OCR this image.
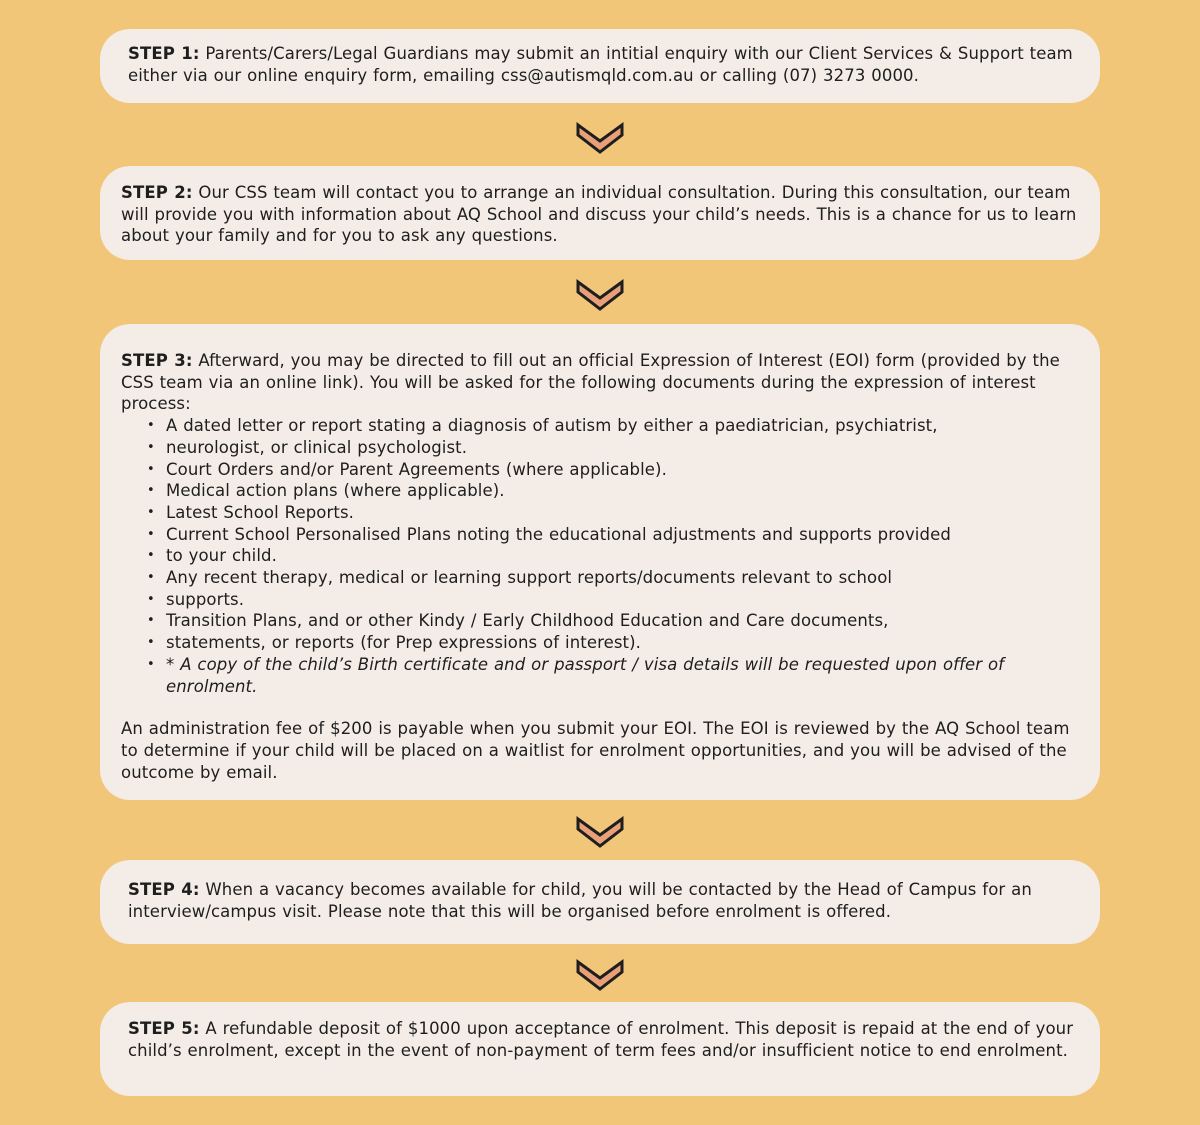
STEP 1: Parents/Carers/Legal Guardians may submit an intitial enquiry with our Client Services & Support team either via our online enquiry form, emailing css@autismqld.com.au or calling (07) 3273 0000.

STEP 2: Our CSS team will contact you to arrange an individual consultation. During this consultation, our team will provide you with information about AQ School and discuss your child’s needs. This is a chance for us to learn about your family and for you to ask any questions.

STEP 3: Afterward, you may be directed to fill out an official Expression of Interest (EOI) form (provided by the CSS team via an online link). You will be asked for the following documents during the expression of interest process:

• A dated letter or report stating a diagnosis of autism by either a paediatrician, psychiatrist,
• neurologist, or clinical psychologist.
• Court Orders and/or Parent Agreements (where applicable).
• Medical action plans (where applicable).
• Latest School Reports.
• Current School Personalised Plans noting the educational adjustments and supports provided
• to your child.
• Any recent therapy, medical or learning support reports/documents relevant to school
• supports.
• Transition Plans, and or other Kindy / Early Childhood Education and Care documents,
• statements, or reports (for Prep expressions of interest).
• * A copy of the child’s Birth certificate and or passport / visa details will be requested upon offer of enrolment.

An administration fee of $200 is payable when you submit your EOI. The EOI is reviewed by the AQ School team to determine if your child will be placed on a waitlist for enrolment opportunities, and you will be advised of the outcome by email.

STEP 4: When a vacancy becomes available for child, you will be contacted by the Head of Campus for an interview/campus visit. Please note that this will be organised before enrolment is offered.

STEP 5: A refundable deposit of $1000 upon acceptance of enrolment. This deposit is repaid at the end of your child’s enrolment, except in the event of non-payment of term fees and/or insufficient notice to end enrolment.
